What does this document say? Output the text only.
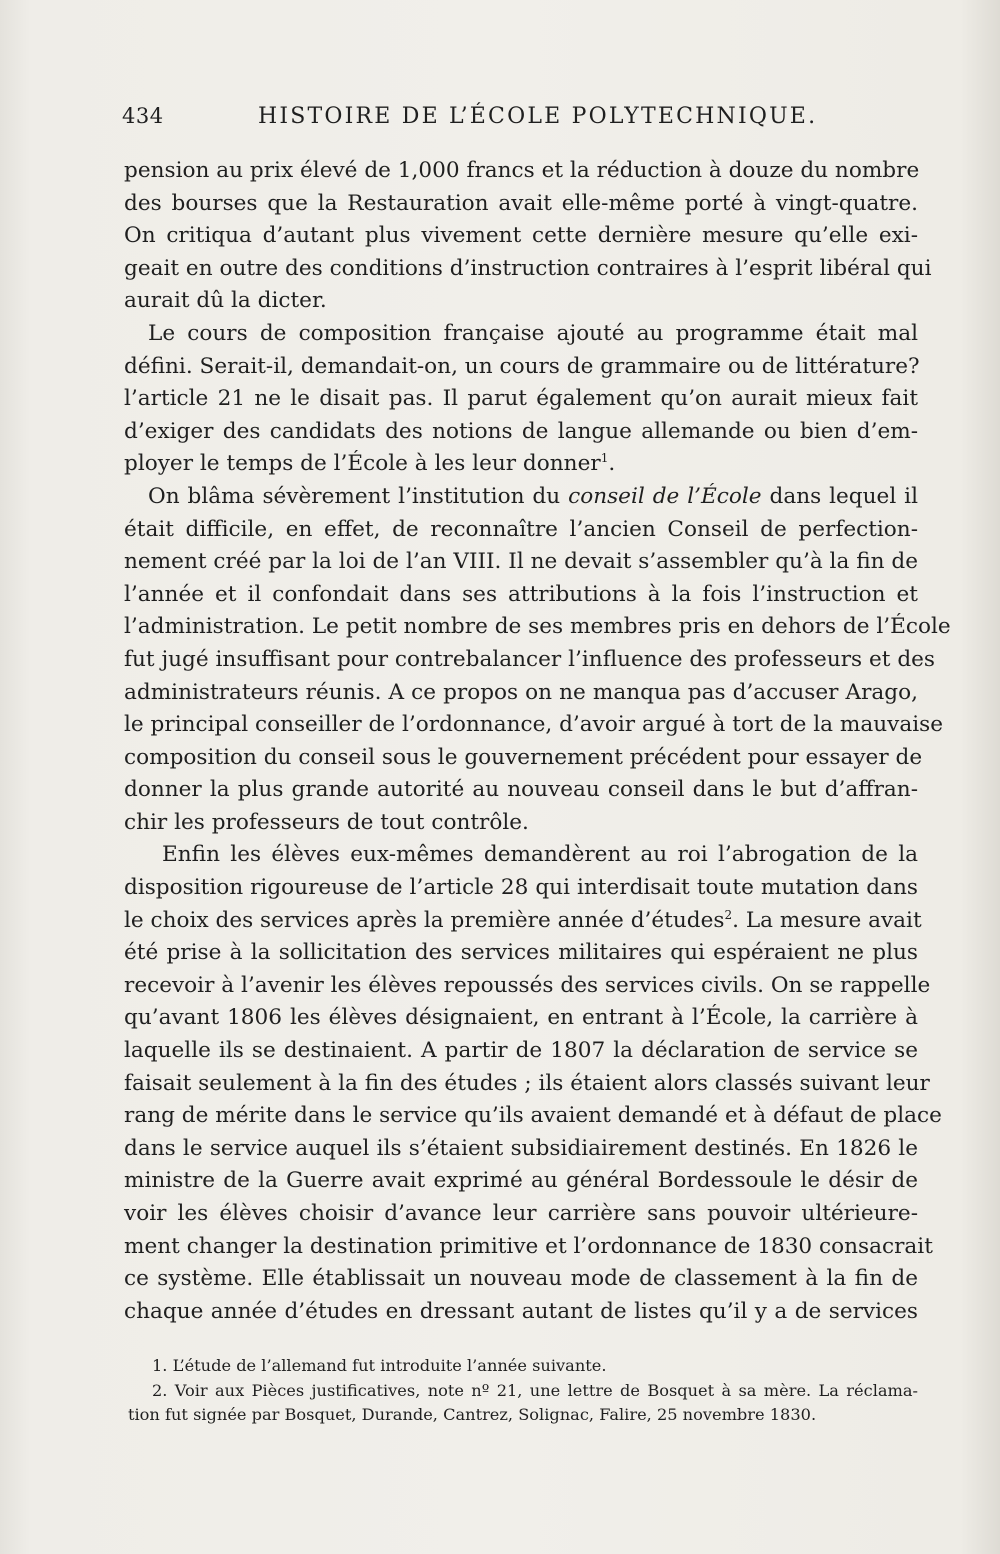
434	HISTOIRE DE L’ÉCOLE POLYTECHNIQUE.
pension au prix élevé de 1,000 francs et la réduction à douze du nombre
des bourses que la Restauration avait elle-même porté à vingt-quatre.
On critiqua d’autant plus vivement cette dernière mesure qu’elle exi-
geait en outre des conditions d’instruction contraires à l’esprit libéral qui
aurait dû la dicter.
Le cours de composition française ajouté au programme était mal
défini. Serait-il, demandait-on, un cours de grammaire ou de littérature?
l’article 21 ne le disait pas. Il parut également qu’on aurait mieux fait
d’exiger des candidats des notions de langue allemande ou bien d’em-
ployer le temps de l’École à les leur donner$^1$.
On blâma sévèrement l’institution du conseil de l’École dans lequel il
était difficile, en effet, de reconnaître l’ancien Conseil de perfection-
nement créé par la loi de l’an VIII. Il ne devait s’assembler qu’à la fin de
l’année et il confondait dans ses attributions à la fois l’instruction et
l’administration. Le petit nombre de ses membres pris en dehors de l’École
fut jugé insuffisant pour contrebalancer l’influence des professeurs et des
administrateurs réunis. A ce propos on ne manqua pas d’accuser Arago,
le principal conseiller de l’ordonnance, d’avoir argué à tort de la mauvaise
composition du conseil sous le gouvernement précédent pour essayer de
donner la plus grande autorité au nouveau conseil dans le but d’affran-
chir les professeurs de tout contrôle.
Enfin les élèves eux-mêmes demandèrent au roi l’abrogation de la
disposition rigoureuse de l’article 28 qui interdisait toute mutation dans
le choix des services après la première année d’études$^2$. La mesure avait
été prise à la sollicitation des services militaires qui espéraient ne plus
recevoir à l’avenir les élèves repoussés des services civils. On se rappelle
qu’avant 1806 les élèves désignaient, en entrant à l’École, la carrière à
laquelle ils se destinaient. A partir de 1807 la déclaration de service se
faisait seulement à la fin des études ; ils étaient alors classés suivant leur
rang de mérite dans le service qu’ils avaient demandé et à défaut de place
dans le service auquel ils s’étaient subsidiairement destinés. En 1826 le
ministre de la Guerre avait exprimé au général Bordessoule le désir de
voir les élèves choisir d’avance leur carrière sans pouvoir ultérieure-
ment changer la destination primitive et l’ordonnance de 1830 consacrait
ce système. Elle établissait un nouveau mode de classement à la fin de
chaque année d’études en dressant autant de listes qu’il y a de services
1. L’étude de l’allemand fut introduite l’année suivante.
2. Voir aux Pièces justificatives, note nº 21, une lettre de Bosquet à sa mère. La réclama-
tion fut signée par Bosquet, Durande, Cantrez, Solignac, Falire, 25 novembre 1830.
